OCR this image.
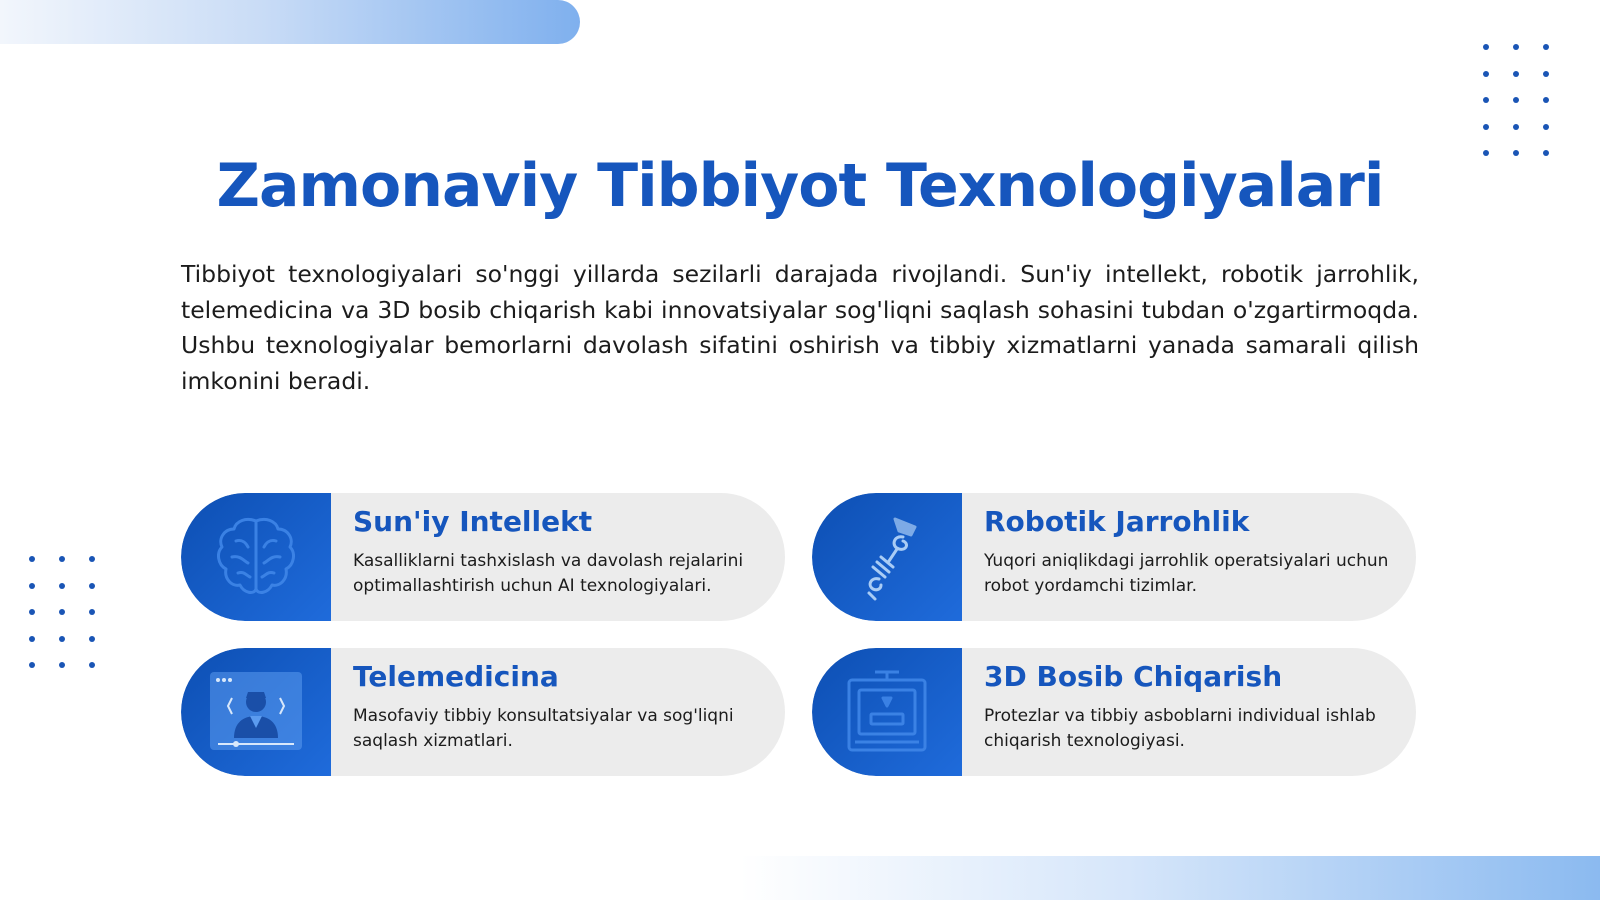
Zamonaviy Tibbiyot Texnologiyalari

Tibbiyot texnologiyalari so'nggi yillarda sezilarli darajada rivojlandi. Sun'iy intellekt, robotik jarrohlik, telemedicina va 3D bosib chiqarish kabi innovatsiyalar sog'liqni saqlash sohasini tubdan o'zgartirmoqda. Ushbu texnologiyalar bemorlarni davolash sifatini oshirish va tibbiy xizmatlarni yanada samarali qilish imkonini beradi.

Sun'iy Intellekt

Kasalliklarni tashxislash va davolash rejalarini optimallashtirish uchun AI texnologiyalari.

Robotik Jarrohlik

Yuqori aniqlikdagi jarrohlik operatsiyalari uchun robot yordamchi tizimlar.

Telemedicina

Masofaviy tibbiy konsultatsiyalar va sog'liqni saqlash xizmatlari.

3D Bosib Chiqarish

Protezlar va tibbiy asboblarni individual ishlab chiqarish texnologiyasi.
